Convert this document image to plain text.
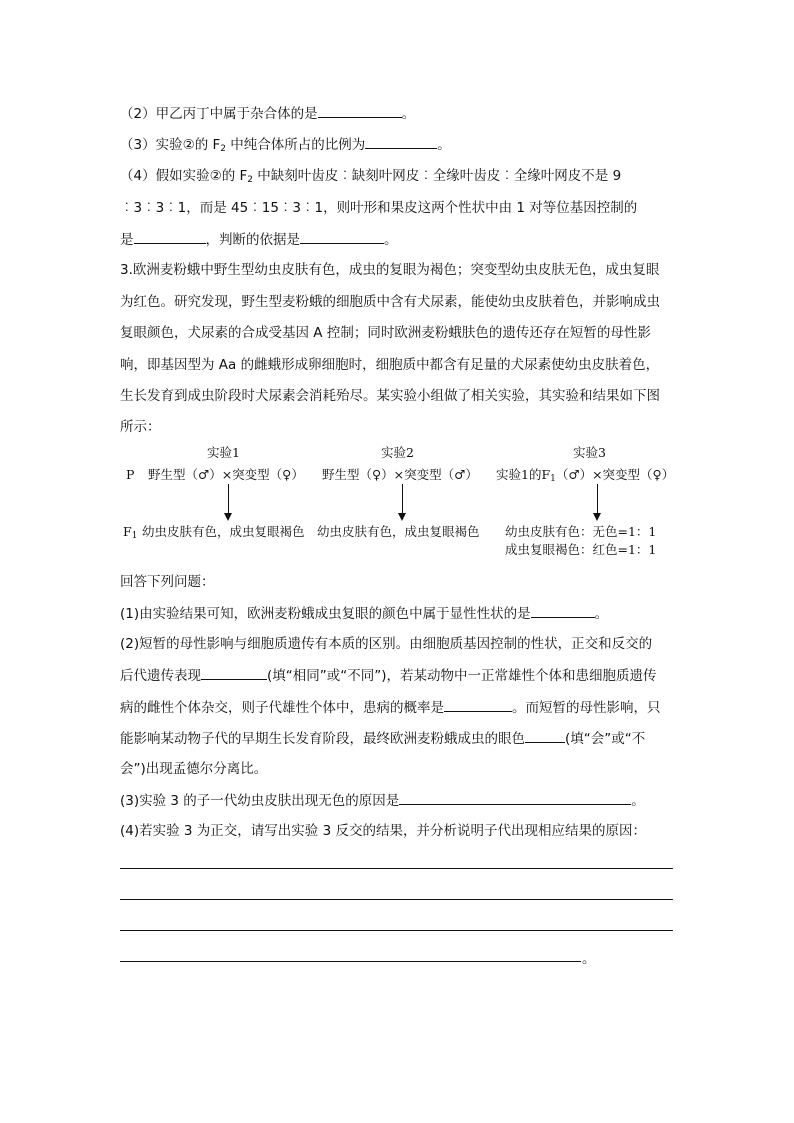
（2）甲乙丙丁中属于杂合体的是	。
（3）实验②的 $F_2$ 中纯合体所占的比例为	。
（4）假如实验②的 $F_2$ 中缺刻叶齿皮︰缺刻叶网皮︰全缘叶齿皮︰全缘叶网皮不是 9
︰3︰3︰1，而是 45︰15︰3︰1，则叶形和果皮这两个性状中由 1 对等位基因控制的
是	，判断的依据是	。
3.欧洲麦粉蛾中野生型幼虫皮肤有色，成虫的复眼为褐色；突变型幼虫皮肤无色，成虫复眼
为红色。研究发现，野生型麦粉蛾的细胞质中含有犬尿素，能使幼虫皮肤着色，并影响成虫
复眼颜色，犬尿素的合成受基因 A 控制；同时欧洲麦粉蛾肤色的遗传还存在短暂的母性影
响，即基因型为 Aa 的雌蛾形成卵细胞时，细胞质中都含有足量的犬尿素使幼虫皮肤着色，
生长发育到成虫阶段时犬尿素会消耗殆尽。某实验小组做了相关实验，其实验和结果如下图
所示：
实验1	实验2	实验3
P 野生型（♂）×突变型（♀） 野生型（♀）×突变型（♂） 实验1的$F_1(♂)\times$突变型（♀）
$F_1$ 幼虫皮肤有色，成虫复眼褐色 幼虫皮肤有色，成虫复眼褐色 幼虫皮肤有色：无色=1：1
成虫复眼褐色：红色=1：1
回答下列问题：
(1)由实验结果可知，欧洲麦粉蛾成虫复眼的颜色中属于显性性状的是	。
(2)短暂的母性影响与细胞质遗传有本质的区别。由细胞质基因控制的性状，正交和反交的
后代遗传表现	(填“相同”或“不同”)，若某动物中一正常雄性个体和患细胞质遗传
病的雌性个体杂交，则子代雄性个体中，患病的概率是	。而短暂的母性影响，只
能影响某动物子代的早期生长发育阶段，最终欧洲麦粉蛾成虫的眼色	(填“会”或“不
会”)出现孟德尔分离比。
(3)实验 3 的子一代幼虫皮肤出现无色的原因是	。
(4)若实验 3 为正交，请写出实验 3 反交的结果，并分析说明子代出现相应结果的原因：
。
